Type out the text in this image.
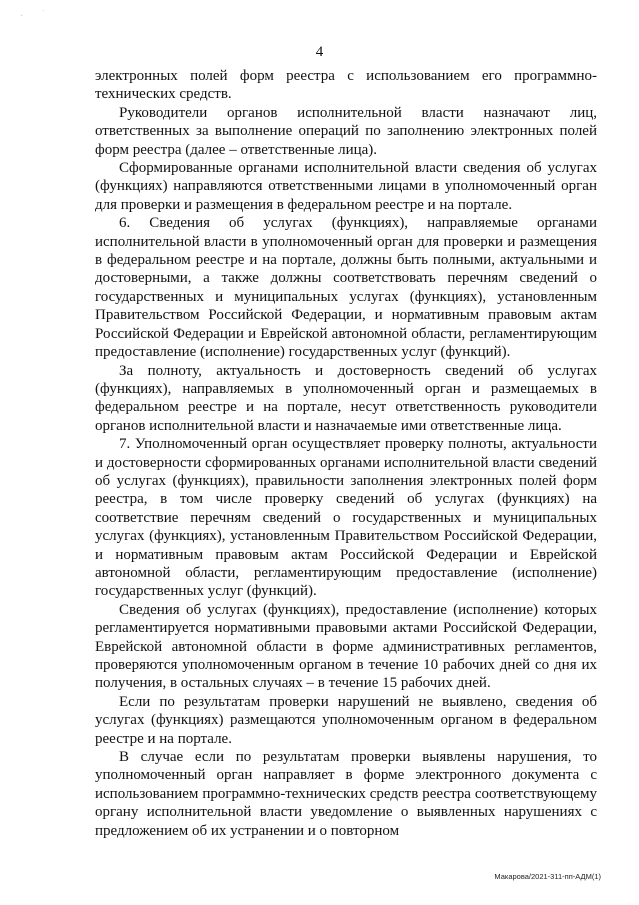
· ·
4

электронных полей форм реестра с использованием его программно-технических средств.

Руководители органов исполнительной власти назначают лиц, ответственных за выполнение операций по заполнению электронных полей форм реестра (далее – ответственные лица).

Сформированные органами исполнительной власти сведения об услугах (функциях) направляются ответственными лицами в уполномоченный орган для проверки и размещения в федеральном реестре и на портале.

6. Сведения об услугах (функциях), направляемые органами исполнительной власти в уполномоченный орган для проверки и размещения в федеральном реестре и на портале, должны быть полными, актуальными и достоверными, а также должны соответствовать перечням сведений о государственных и муниципальных услугах (функциях), установленным Правительством Российской Федерации, и нормативным правовым актам Российской Федерации и Еврейской автономной области, регламентирующим предоставление (исполнение) государственных услуг (функций).

За полноту, актуальность и достоверность сведений об услугах (функциях), направляемых в уполномоченный орган и размещаемых в федеральном реестре и на портале, несут ответственность руководители органов исполнительной власти и назначаемые ими ответственные лица.

7. Уполномоченный орган осуществляет проверку полноты, актуальности и достоверности сформированных органами исполнительной власти сведений об услугах (функциях), правильности заполнения электронных полей форм реестра, в том числе проверку сведений об услугах (функциях) на соответствие перечням сведений о государственных и муниципальных услугах (функциях), установленным Правительством Российской Федерации, и нормативным правовым актам Российской Федерации и Еврейской автономной области, регламентирующим предоставление (исполнение) государственных услуг (функций).

Сведения об услугах (функциях), предоставление (исполнение) которых регламентируется нормативными правовыми актами Российской Федерации, Еврейской автономной области в форме административных регламентов, проверяются уполномоченным органом в течение 10 рабочих дней со дня их получения, в остальных случаях – в течение 15 рабочих дней.

Если по результатам проверки нарушений не выявлено, сведения об услугах (функциях) размещаются уполномоченным органом в федеральном реестре и на портале.

В случае если по результатам проверки выявлены нарушения, то уполномоченный орган направляет в форме электронного документа с использованием программно-технических средств реестра соответствующему органу исполнительной власти уведомление о выявленных нарушениях с предложением об их устранении и о повторном

Макарова/2021-311-пп-АДМ(1)
